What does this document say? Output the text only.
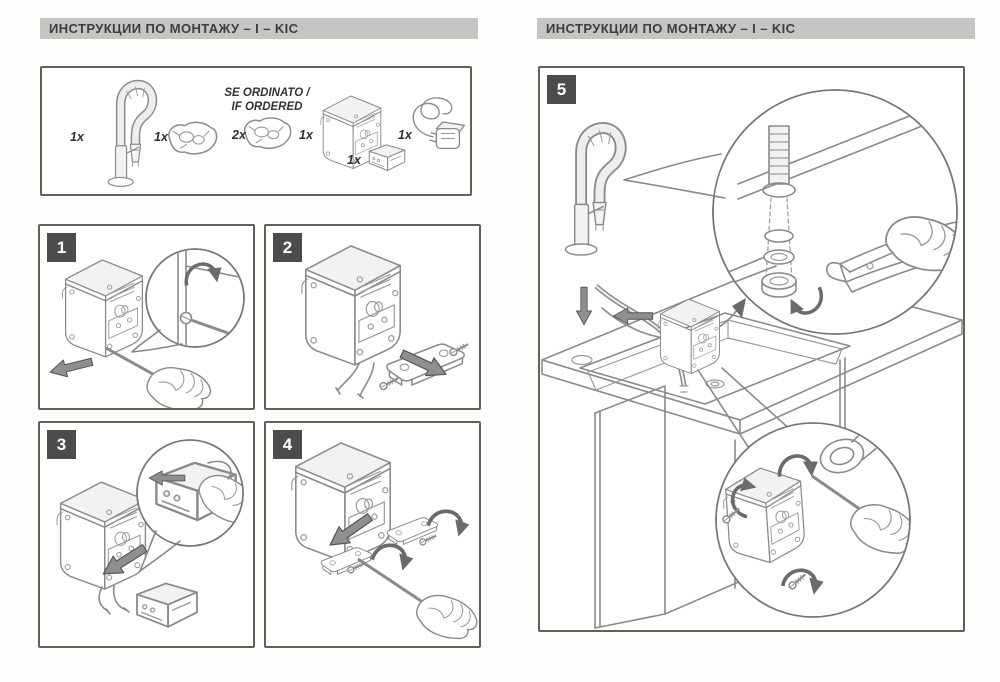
ИНСТРУКЦИИ ПО МОНТАЖУ – I – KIC
SE ORDINATO /
IF ORDERED
1x	1x	2x	1x
1x
1x
1	2
3	4
ИНСТРУКЦИИ ПО МОНТАЖУ – I – KIC
5
